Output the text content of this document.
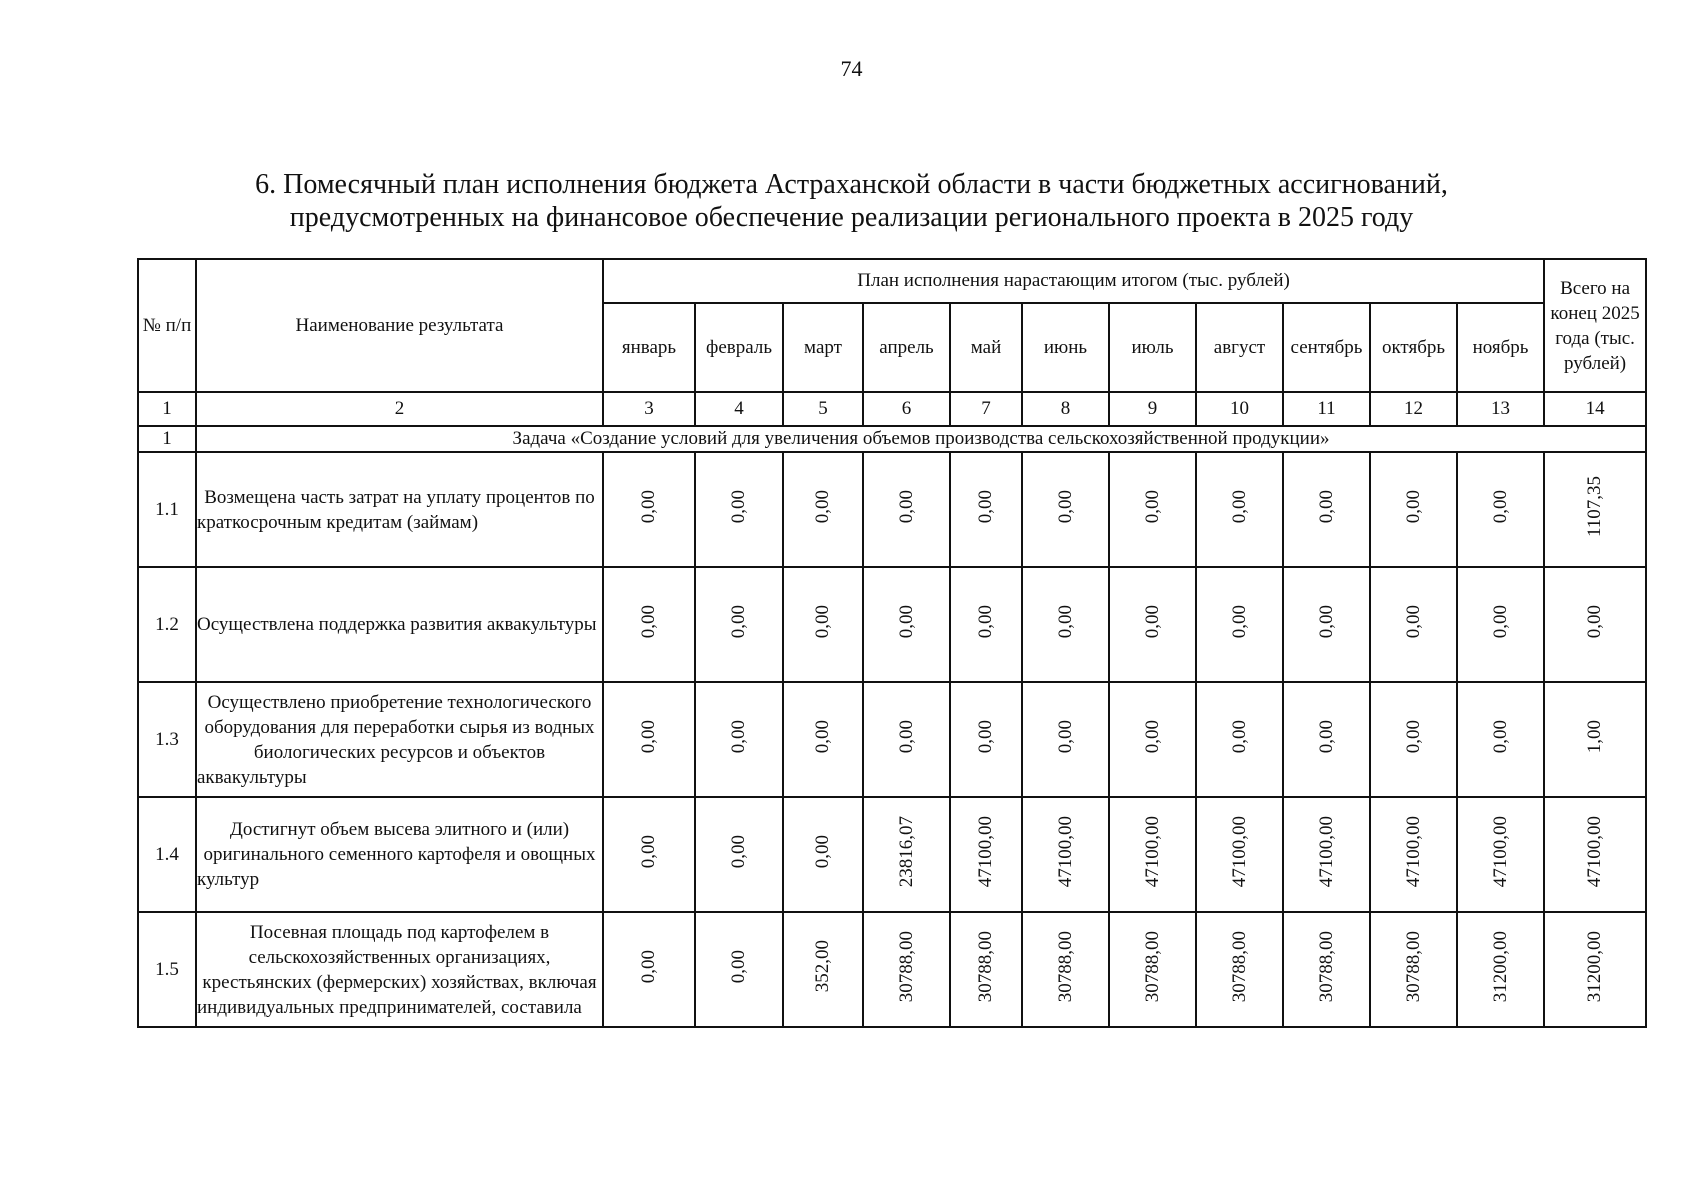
74
6. Помесячный план исполнения бюджета Астраханской области в части бюджетных ассигнований,
предусмотренных на финансовое обеспечение реализации регионального проекта в 2025 году
№ п/п	Наименование результата	План исполнения нарастающим итогом (тыс. рублей)											Всего на конец 2025 года (тыс. рублей)
		январь	февраль	март	апрель	май	июнь	июль	август	сентябрь	октябрь	ноябрь	
1	2	3	4	5	6	7	8	9	10	11	12	13	14
1	Задача «Создание условий для увеличения объемов производства сельскохозяйственной продукции»												
1.1	Возмещена часть затрат на уплату процентов по краткосрочным кредитам (займам)	0,00	0,00	0,00	0,00	0,00	0,00	0,00	0,00	0,00	0,00	0,00	1107,35
1.2	Осуществлена поддержка развития аквакультуры	0,00	0,00	0,00	0,00	0,00	0,00	0,00	0,00	0,00	0,00	0,00	0,00
1.3	Осуществлено приобретение технологического оборудования для переработки сырья из водных биологических ресурсов и объектов аквакультуры	0,00	0,00	0,00	0,00	0,00	0,00	0,00	0,00	0,00	0,00	0,00	1,00
1.4	Достигнут объем высева элитного и (или) оригинального семенного картофеля и овощных культур	0,00	0,00	0,00	23816,07	47100,00	47100,00	47100,00	47100,00	47100,00	47100,00	47100,00	47100,00
1.5	Посевная площадь под картофелем в сельскохозяйственных организациях, крестьянских (фермерских) хозяйствах, включая индивидуальных предпринимателей, составила	0,00	0,00	352,00	30788,00	30788,00	30788,00	30788,00	30788,00	30788,00	30788,00	31200,00	31200,00
